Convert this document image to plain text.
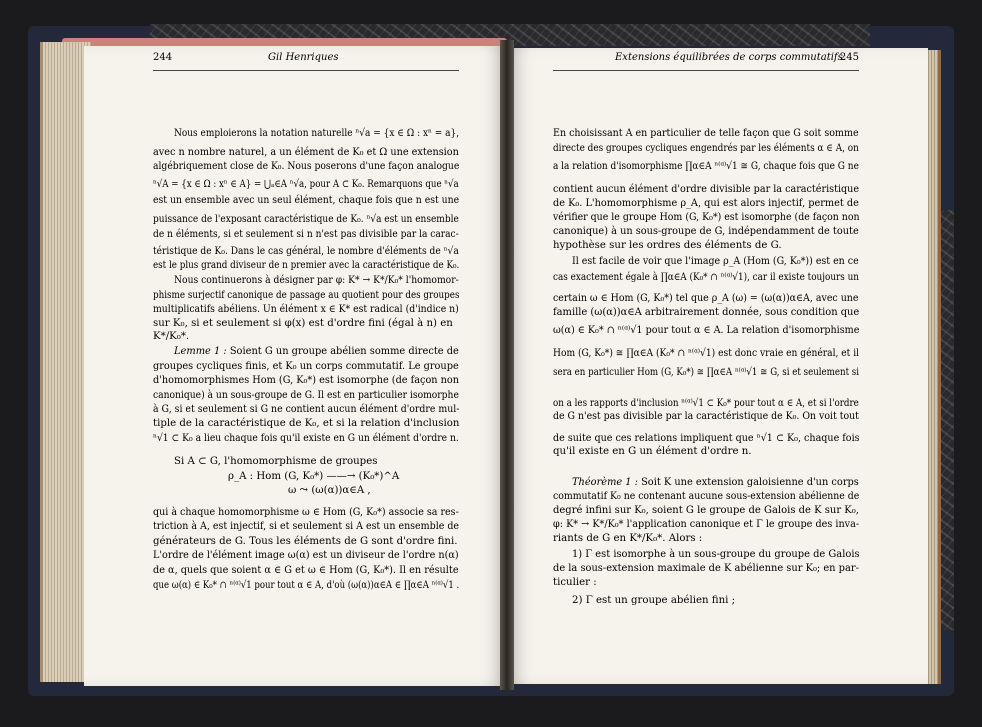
244	Gil Henriques	Extensions équilibrées de corps commutatifs
245
Nous emploierons la notation naturelle ⁿ√a = {x ∈ Ω : xⁿ = a},
avec n nombre naturel, a un élément de K₀ et Ω une extension
algébriquement close de K₀. Nous poserons d'une façon analogue
ⁿ√A = {x ∈ Ω : xⁿ ∈ A} = ⋃ₐ∈A ⁿ√a, pour A ⊂ K₀. Remarquons que ⁿ√a
est un ensemble avec un seul élément, chaque fois que n est une
puissance de l'exposant caractéristique de K₀. ⁿ√a est un ensemble
de n éléments, si et seulement si n n'est pas divisible par la carac-
téristique de K₀. Dans le cas général, le nombre d'éléments de ⁿ√a
est le plus grand diviseur de n premier avec la caractéristique de K₀.
Nous continuerons à désigner par φ: K* → K*/K₀* l'homomor-
phisme surjectif canonique de passage au quotient pour des groupes
multiplicatifs abéliens. Un élément x ∈ K* est radical (d'indice n)
sur K₀, si et seulement si φ(x) est d'ordre fini (égal à n) en
K*/K₀*.
Lemme 1 : Soient G un groupe abélien somme directe de
groupes cycliques finis, et K₀ un corps commutatif. Le groupe
d'homomorphismes Hom (G, K₀*) est isomorphe (de façon non
canonique) à un sous-groupe de G. Il est en particulier isomorphe
à G, si et seulement si G ne contient aucun élément d'ordre mul-
tiple de la caractéristique de K₀, et si la relation d'inclusion
ⁿ√1 ⊂ K₀ a lieu chaque fois qu'il existe en G un élément d'ordre n.
Si A ⊂ G, l'homomorphisme de groupes
ρ_A : Hom (G, K₀*) ——→ (K₀*)^A
ω ⤳ (ω(α))α∈A ,
qui à chaque homomorphisme ω ∈ Hom (G, K₀*) associe sa res-
triction à A, est injectif, si et seulement si A est un ensemble de
générateurs de G. Tous les éléments de G sont d'ordre fini.
L'ordre de l'élément image ω(α) est un diviseur de l'ordre n(α)
de α, quels que soient α ∈ G et ω ∈ Hom (G, K₀*). Il en résulte
que ω(α) ∈ K₀* ∩ ⁿ⁽ᵅ⁾√1 pour tout α ∈ A, d'où (ω(α))α∈A ∈ ∏α∈A ⁿ⁽ᵅ⁾√1 .
En choisissant A en particulier de telle façon que G soit somme
directe des groupes cycliques engendrés par les éléments α ∈ A, on
a la relation d'isomorphisme ∏α∈A ⁿ⁽ᵅ⁾√1 ≅ G, chaque fois que G ne
contient aucun élément d'ordre divisible par la caractéristique
de K₀. L'homomorphisme ρ_A, qui est alors injectif, permet de
vérifier que le groupe Hom (G, K₀*) est isomorphe (de façon non
canonique) à un sous-groupe de G, indépendamment de toute
hypothèse sur les ordres des éléments de G.
Il est facile de voir que l'image ρ_A (Hom (G, K₀*)) est en ce
cas exactement égale à ∏α∈A (K₀* ∩ ⁿ⁽ᵅ⁾√1), car il existe toujours un
certain ω ∈ Hom (G, K₀*) tel que ρ_A (ω) = (ω(α))α∈A, avec une
famille (ω(α))α∈A arbitrairement donnée, sous condition que
ω(α) ∈ K₀* ∩ ⁿ⁽ᵅ⁾√1 pour tout α ∈ A. La relation d'isomorphisme
Hom (G, K₀*) ≅ ∏α∈A (K₀* ∩ ⁿ⁽ᵅ⁾√1) est donc vraie en général, et il
sera en particulier Hom (G, K₀*) ≅ ∏α∈A ⁿ⁽ᵅ⁾√1 ≅ G, si et seulement si
on a les rapports d'inclusion ⁿ⁽ᵅ⁾√1 ⊂ K₀* pour tout α ∈ A, et si l'ordre
de G n'est pas divisible par la caractéristique de K₀. On voit tout
de suite que ces relations impliquent que ⁿ√1 ⊂ K₀, chaque fois
qu'il existe en G un élément d'ordre n.
Théorème 1 : Soit K une extension galoisienne d'un corps
commutatif K₀ ne contenant aucune sous-extension abélienne de
degré infini sur K₀, soient G le groupe de Galois de K sur K₀,
φ: K* → K*/K₀* l'application canonique et Γ le groupe des inva-
riants de G en K*/K₀*. Alors :
1) Γ est isomorphe à un sous-groupe du groupe de Galois
de la sous-extension maximale de K abélienne sur K₀; en par-
ticulier :
2) Γ est un groupe abélien fini ;
